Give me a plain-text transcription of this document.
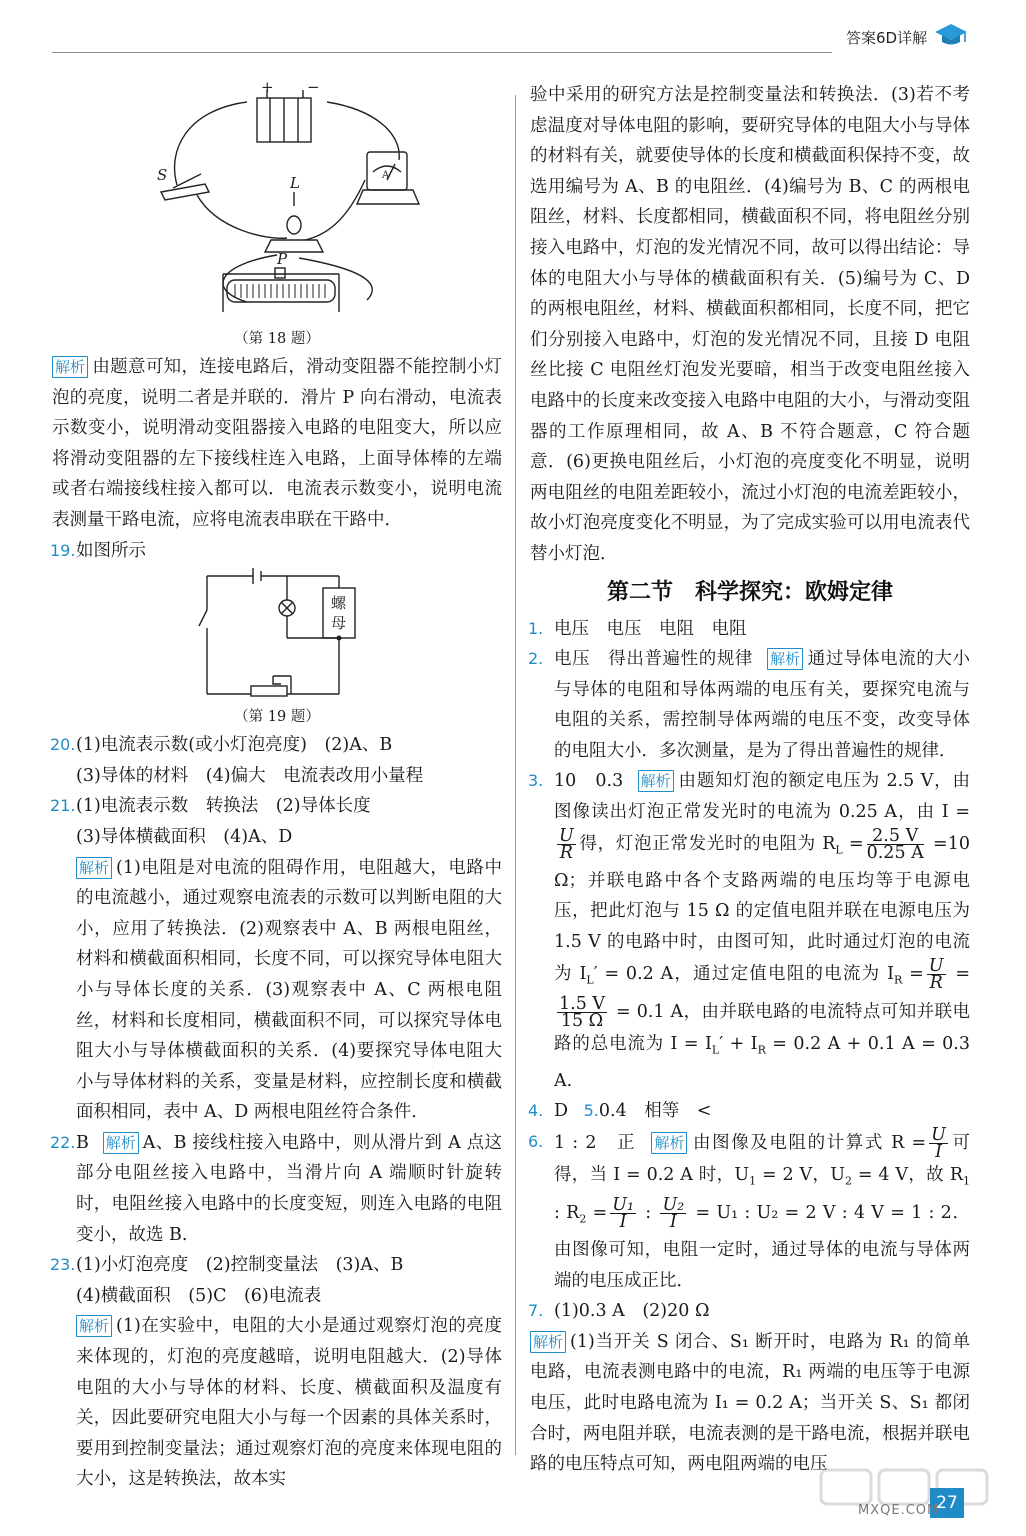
答案6D详解
+ −
S	L
P
A
（第 18 题）

解析 由题意可知，连接电路后，滑动变阻器不能控制小灯泡的亮度，说明二者是并联的．滑片 P 向右滑动，电流表示数变小，说明滑动变阻器接入电路的电阻变大，所以应将滑动变阻器的左下接线柱连入电路，上面导体棒的左端或者右端接线柱接入都可以．电流表示数变小，说明电流表测量干路电流，应将电流表串联在干路中．

19. 如图所示
螺
母
（第 19 题）
20. (1)电流表示数(或小灯泡亮度)　(2)A、B
(3)导体的材料　(4)偏大　电流表改用小量程
21. (1)电流表示数　转换法　(2)导体长度
(3)导体横截面积　(4)A、D
解析 (1)电阻是对电流的阻碍作用，电阻越大，电路中的电流越小，通过观察电流表的示数可以判断电阻的大小，应用了转换法．(2)观察表中 A、B 两根电阻丝，材料和横截面积相同，长度不同，可以探究导体电阻大小与导体长度的关系．(3)观察表中 A、C 两根电阻丝，材料和长度相同，横截面积不同，可以探究导体电阻大小与导体横截面积的关系．(4)要探究导体电阻大小与导体材料的关系，变量是材料，应控制长度和横截面积相同，表中 A、D 两根电阻丝符合条件．
22. B 解析 A、B 接线柱接入电路中，则从滑片到 A 点这部分电阻丝接入电路中，当滑片向 A 端顺时针旋转时，电阻丝接入电路中的长度变短，则连入电路的电阻变小，故选 B.
23. (1)小灯泡亮度　(2)控制变量法　(3)A、B
(4)横截面积　(5)C　(6)电流表
解析 (1)在实验中，电阻的大小是通过观察灯泡的亮度来体现的，灯泡的亮度越暗，说明电阻越大．(2)导体电阻的大小与导体的材料、长度、横截面积及温度有关，因此要研究电阻大小与每一个因素的具体关系时，要用到控制变量法；通过观察灯泡的亮度来体现电阻的大小，这是转换法，故本实

验中采用的研究方法是控制变量法和转换法．(3)若不考虑温度对导体电阻的影响，要研究导体的电阻大小与导体的材料有关，就要使导体的长度和横截面积保持不变，故选用编号为 A、B 的电阻丝．(4)编号为 B、C 的两根电阻丝，材料、长度都相同，横截面积不同，将电阻丝分别接入电路中，灯泡的发光情况不同，故可以得出结论：导体的电阻大小与导体的横截面积有关．(5)编号为 C、D 的两根电阻丝，材料、横截面积都相同，长度不同，把它们分别接入电路中，灯泡的发光情况不同，且接 D 电阻丝比接 C 电阻丝灯泡发光要暗，相当于改变电阻丝接入电路中的长度来改变接入电路中电阻的大小，与滑动变阻器的工作原理相同，故 A、B 不符合题意，C 符合题意．(6)更换电阻丝后，小灯泡的亮度变化不明显，说明两电阻丝的电阻差距较小，流过小灯泡的电流差距较小，故小灯泡亮度变化不明显，为了完成实验可以用电流表代替小灯泡．

第二节　科学探究：欧姆定律
1. 电压　电压　电阻　电阻
2. 电压　得出普遍性的规律 解析 通过导体电流的大小与导体的电阻和导体两端的电压有关，要探究电流与电阻的关系，需控制导体两端的电压不变，改变导体的电阻大小．多次测量，是为了得出普遍性的规律．
3. 10　0.3 解析 由题知灯泡的额定电压为 2.5 V，由图像读出灯泡正常发光时的电流为 0.25 A，由 I =
$\frac{U}{R}$ 得，灯泡正常发光时的电阻为 $R_L = \frac{2.5 V}{0.25 A} =10$ Ω；并联电路中各个支路两端的电压均等于电源电压，把此灯泡与 15 Ω 的定值电阻并联在电源电压为 1.5 V 的电路中时，由图可知，此时通过灯泡的电流为 $I_L' = 0.2$ A，通过定值电阻的电流为 $I_R = \frac{U}{R}$ =
$\frac{1.5 V}{15 \Omega} = 0.1$ A，由并联电路的电流特点可知并联电路的总电流为 $I = I_L' + I_R = 0.2$ A + 0.1 A = 0.3 A.
4. D 5.0.4　相等　<
6. 1 : 2　正 解析 由图像及电阻的计算式 $R = \frac{U}{I}$ 可得，当 I = 0.2 A 时，$U_1 = 2$ V，$U_2 = 4$ V，故 $R_1$ : $R_2 = \frac{\text{U₁}}{I}$ : $\frac{\text{U₂}}{I} = U_1$ : U₂ = 2 V : 4 V = 1 : 2．由图像可知，电阻一定时，通过导体的电流与导体两端的电压成正比．
7. (1)0.3 A　(2)20 Ω

解析 (1)当开关 S 闭合、S₁ 断开时，电路为 R₁ 的简单电路，电流表测电路中的电流，R₁ 两端的电压等于电源电压，此时电路电流为 I₁ = 0.2 A；当开关 S、S₁ 都闭合时，两电阻并联，电流表测的是干路电流，根据并联电路的电压特点可知，两电阻两端的电压

27
MXQE.COM
